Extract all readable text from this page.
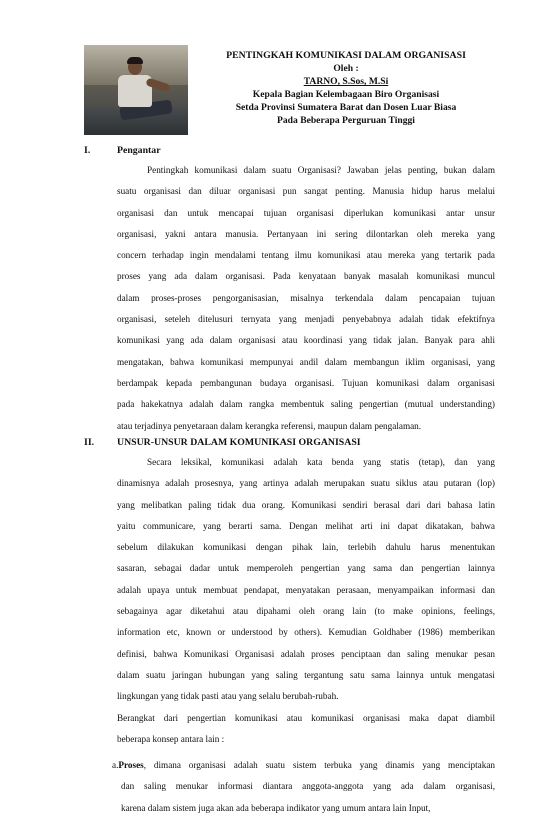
PENTINGKAH KOMUNIKASI DALAM ORGANISASI
Oleh :
TARNO, S.Sos, M.Si
Kepala Bagian Kelembagaan Biro Organisasi
Setda Provinsi Sumatera Barat dan Dosen Luar Biasa
Pada Beberapa Perguruan Tinggi
I.	Pengantar
Pentingkah komunikasi dalam suatu Organisasi? Jawaban jelas penting, bukan dalam
suatu organisasi dan diluar organisasi pun sangat penting. Manusia hidup harus melalui
organisasi dan untuk mencapai tujuan organisasi diperlukan komunikasi antar unsur
organisasi, yakni antara manusia. Pertanyaan ini sering dilontarkan oleh mereka yang
concern terhadap ingin mendalami tentang ilmu komunikasi atau mereka yang tertarik pada
proses yang ada dalam organisasi. Pada kenyataan banyak masalah komunikasi muncul
dalam proses-proses pengorganisasian, misalnya terkendala dalam pencapaian tujuan
organisasi, seteleh ditelusuri ternyata yang menjadi penyebabnya adalah tidak efektifnya
komunikasi yang ada dalam organisasi atau koordinasi yang tidak jalan. Banyak para ahli
mengatakan, bahwa komunikasi mempunyai andil dalam membangun iklim organisasi, yang
berdampak kepada pembangunan budaya organisasi. Tujuan komunikasi dalam organisasi
pada hakekatnya adalah dalam rangka membentuk saling pengertian (mutual understanding)
atau terjadinya penyetaraan dalam kerangka referensi, maupun dalam pengalaman.
II. UNSUR-UNSUR DALAM KOMUNIKASI ORGANISASI
Secara leksikal, komunikasi adalah kata benda yang statis (tetap), dan yang
dinamisnya adalah prosesnya, yang artinya adalah merupakan suatu siklus atau putaran (lop)
yang melibatkan paling tidak dua orang. Komunikasi sendiri berasal dari dari bahasa latin
yaitu communicare, yang berarti sama. Dengan melihat arti ini dapat dikatakan, bahwa
sebelum dilakukan komunikasi dengan pihak lain, terlebih dahulu harus menentukan
sasaran, sebagai dadar untuk memperoleh pengertian yang sama dan pengertian lainnya
adalah upaya untuk membuat pendapat, menyatakan perasaan, menyampaikan informasi dan
sebagainya agar diketahui atau dipahami oleh orang lain (to make opinions, feelings,
information etc, known or understood by others). Kemudian Goldhaber (1986) memberikan
definisi, bahwa Komunikasi Organisasi adalah proses penciptaan dan saling menukar pesan
dalam suatu jaringan hubungan yang saling tergantung satu sama lainnya untuk mengatasi
lingkungan yang tidak pasti atau yang selalu berubah-rubah.
Berangkat dari pengertian komunikasi atau komunikasi organisasi maka dapat diambil
beberapa konsep antara lain :
a.Proses, dimana organisasi adalah suatu sistem terbuka yang dinamis yang menciptakan
dan saling menukar informasi diantara anggota-anggota yang ada dalam organisasi,
karena dalam sistem juga akan ada beberapa indikator yang umum antara lain Input,
